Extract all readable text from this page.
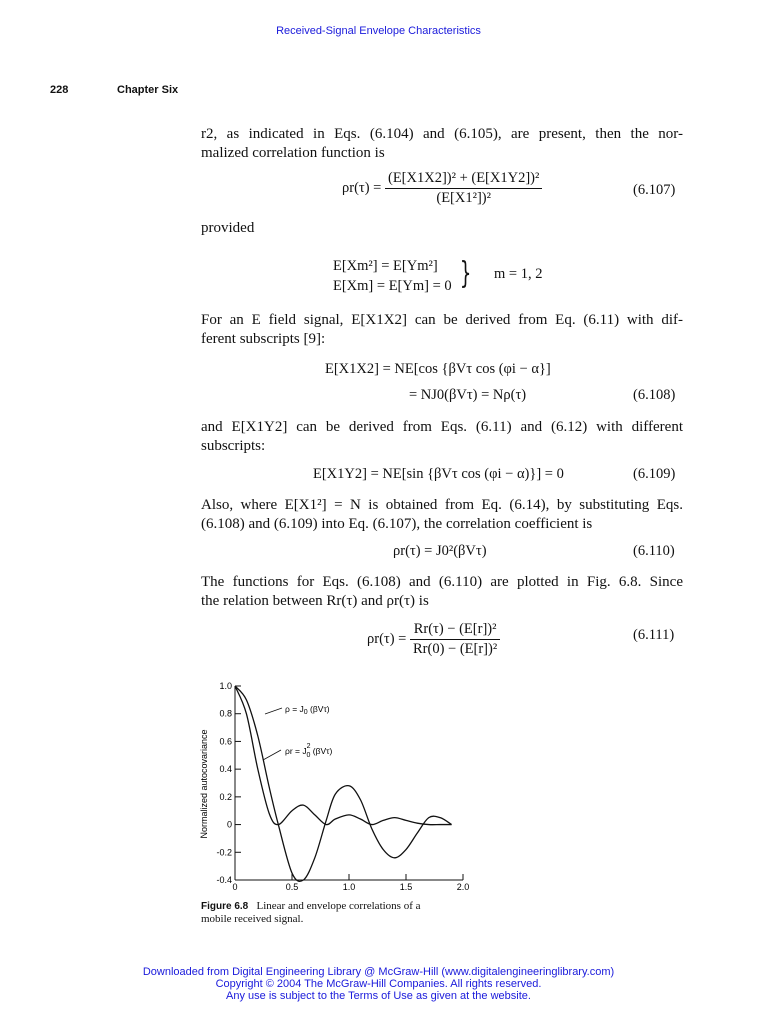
Received-Signal Envelope Characteristics
228	Chapter Six
r2, as indicated in Eqs. (6.104) and (6.105), are present, then the nor-
malized correlation function is
$\rho r(\tau) = \frac{\text{(E[X1X2])² + (E[X1Y2])²}}{\text{(E[X1²])²}}$	(6.107)
provided
E[Xm²] = E[Ym²]
E[Xm] = E[Ym] = 0 } m = 1, 2
For an E field signal, E[X1X2] can be derived from Eq. (6.11) with dif-
ferent subscripts [9]:
E[X1X2] = NE[cos {βVτ cos (φi − α}]
= NJ0(βVτ) = Nρ(τ)	(6.108)
and E[X1Y2] can be derived from Eqs. (6.11) and (6.12) with different
subscripts:
E[X1Y2] = NE[sin {βVτ cos (φi − α)}] = 0	(6.109)
Also, where E[X1²] = N is obtained from Eq. (6.14), by substituting Eqs.
(6.108) and (6.109) into Eq. (6.107), the correlation coefficient is
ρr(τ) = J0²(βVτ)	(6.110)
The functions for Eqs. (6.108) and (6.110) are plotted in Fig. 6.8. Since
the relation between Rr(τ) and ρr(τ) is
$\rho r(\tau) = \frac{\text{Rr(τ) − (E[r])²}}{\text{Rr(0) − (E[r])²}}$	(6.111)
1.0
0.8
0.6
0.4
0.2
0
-0.2
-0.4
0	0.5	1.0	1.5	2.0
Normalized autocovariance
$\rho = J_0$ (βVτ)
$\rho r = J^2$ 0 (βVτ)
Figure 6.8 Linear and envelope correlations of a
mobile received signal.
Downloaded from Digital Engineering Library @ McGraw-Hill (www.digitalengineeringlibrary.com)
Copyright © 2004 The McGraw-Hill Companies. All rights reserved.
Any use is subject to the Terms of Use as given at the website.
